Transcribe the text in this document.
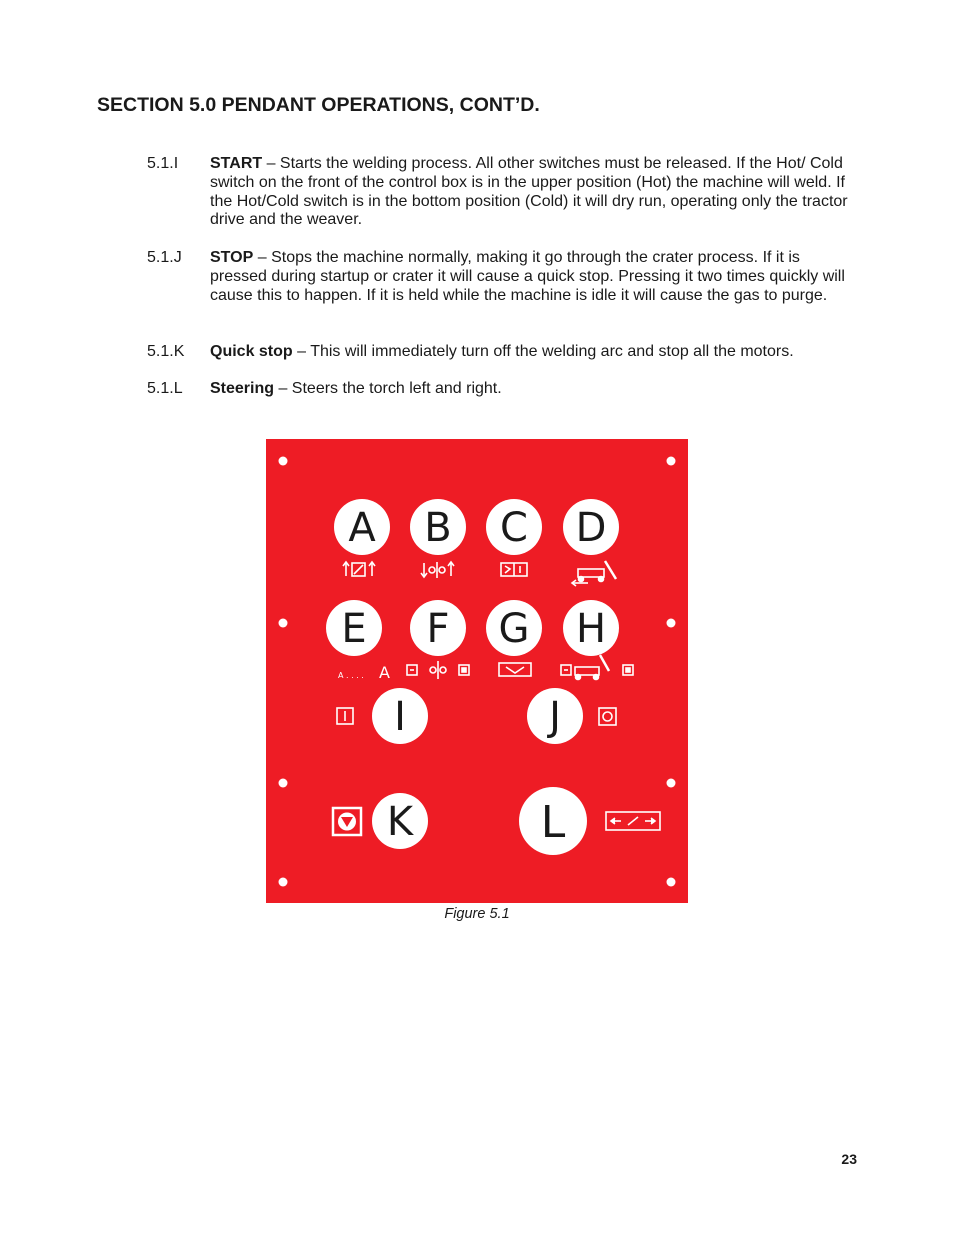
SECTION 5.0 PENDANT OPERATIONS, CONT’D.
5.1.I START – Starts the welding process. All other switches must be released. If the Hot/ Cold switch on the front of the control box is in the upper position (Hot) the machine will weld. If the Hot/Cold switch is in the bottom position (Cold) it will dry run, operating only the tractor drive and the weaver.
5.1.J STOP – Stops the machine normally, making it go through the crater process. If it is pressed during startup or crater it will cause a quick stop. Pressing it two times quickly will cause this to happen. If it is held while the machine is idle it will cause the gas to purge.
5.1.K Quick stop – This will immediately turn off the welding arc and stop all the motors.
5.1.L Steering – Steers the torch left and right.
A B C D
E F G H
I	J
K	L
A . . . . A
Figure 5.1
23
